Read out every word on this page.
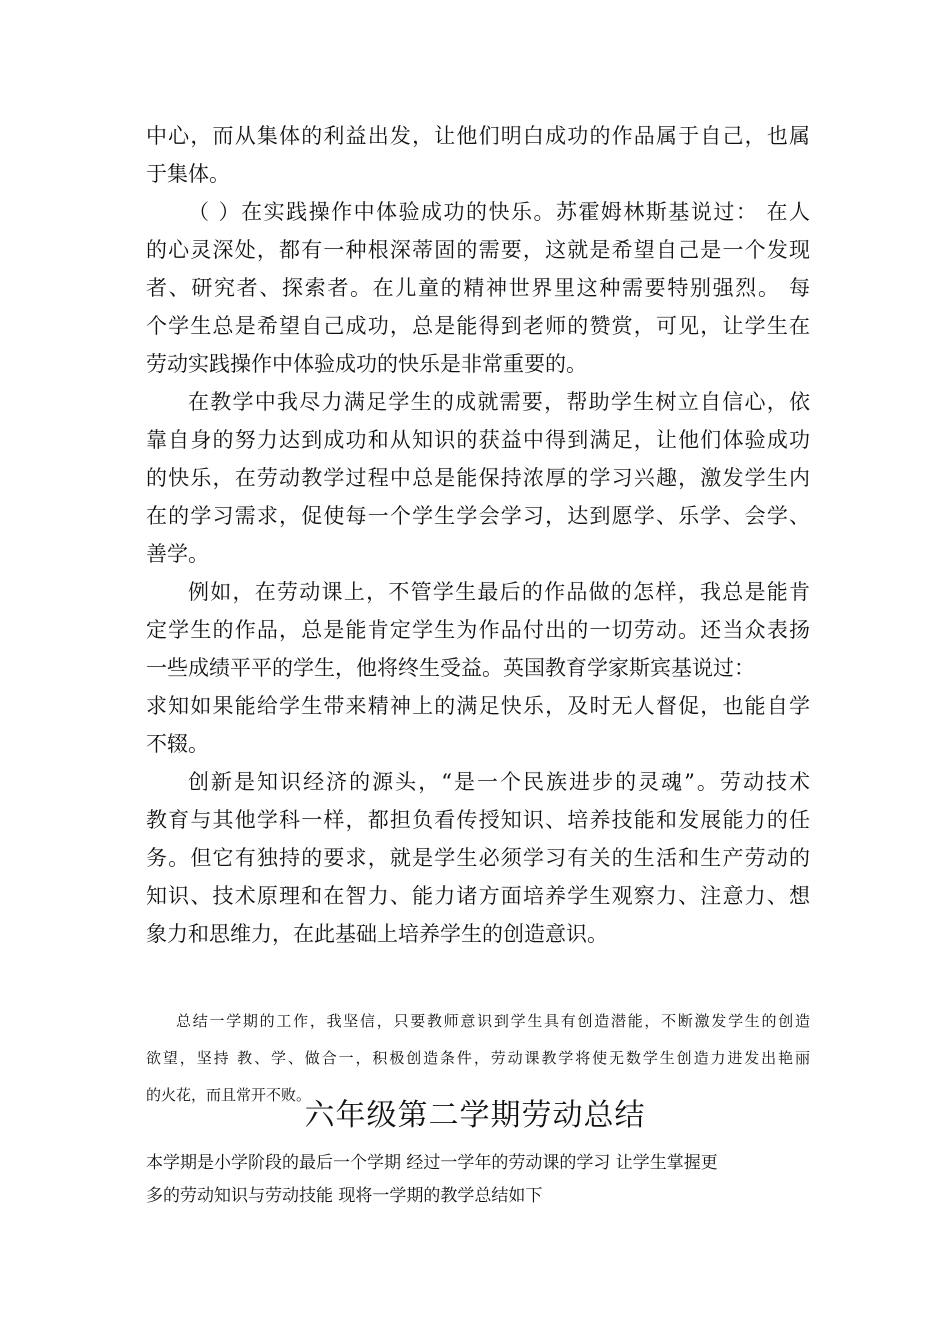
中心，而从集体的利益出发，让他们明白成功的作品属于自己，也属
于集体。
（ ）在实践操作中体验成功的快乐。苏霍姆林斯基说过： 在人
的心灵深处，都有一种根深蒂固的需要，这就是希望自己是一个发现
者、研究者、探索者。在儿童的精神世界里这种需要特别强烈。 每
个学生总是希望自己成功，总是能得到老师的赞赏，可见，让学生在
劳动实践操作中体验成功的快乐是非常重要的。
在教学中我尽力满足学生的成就需要，帮助学生树立自信心，依
靠自身的努力达到成功和从知识的获益中得到满足，让他们体验成功
的快乐，在劳动教学过程中总是能保持浓厚的学习兴趣，激发学生内
在的学习需求，促使每一个学生学会学习，达到愿学、乐学、会学、
善学。
例如，在劳动课上，不管学生最后的作品做的怎样，我总是能肯
定学生的作品，总是能肯定学生为作品付出的一切劳动。还当众表扬
一些成绩平平的学生，他将终生受益。英国教育学家斯宾基说过：
求知如果能给学生带来精神上的满足快乐，及时无人督促，也能自学
不辍。
创新是知识经济的源头，“是一个民族进步的灵魂”。劳动技术
教育与其他学科一样，都担负看传授知识、培养技能和发展能力的任
务。但它有独持的要求，就是学生必须学习有关的生活和生产劳动的
知识、技术原理和在智力、能力诸方面培养学生观察力、注意力、想
象力和思维力，在此基础上培养学生的创造意识。
总结一学期的工作，我坚信，只要教师意识到学生具有创造潜能，不断激发学生的创造
欲望，坚持 教、学、做合一，积极创造条件，劳动课教学将使无数学生创造力进发出艳丽
的火花，而且常开不败。
六年级第二学期劳动总结
本学期是小学阶段的最后一个学期 经过一学年的劳动课的学习 让学生掌握更
多的劳动知识与劳动技能 现将一学期的教学总结如下
